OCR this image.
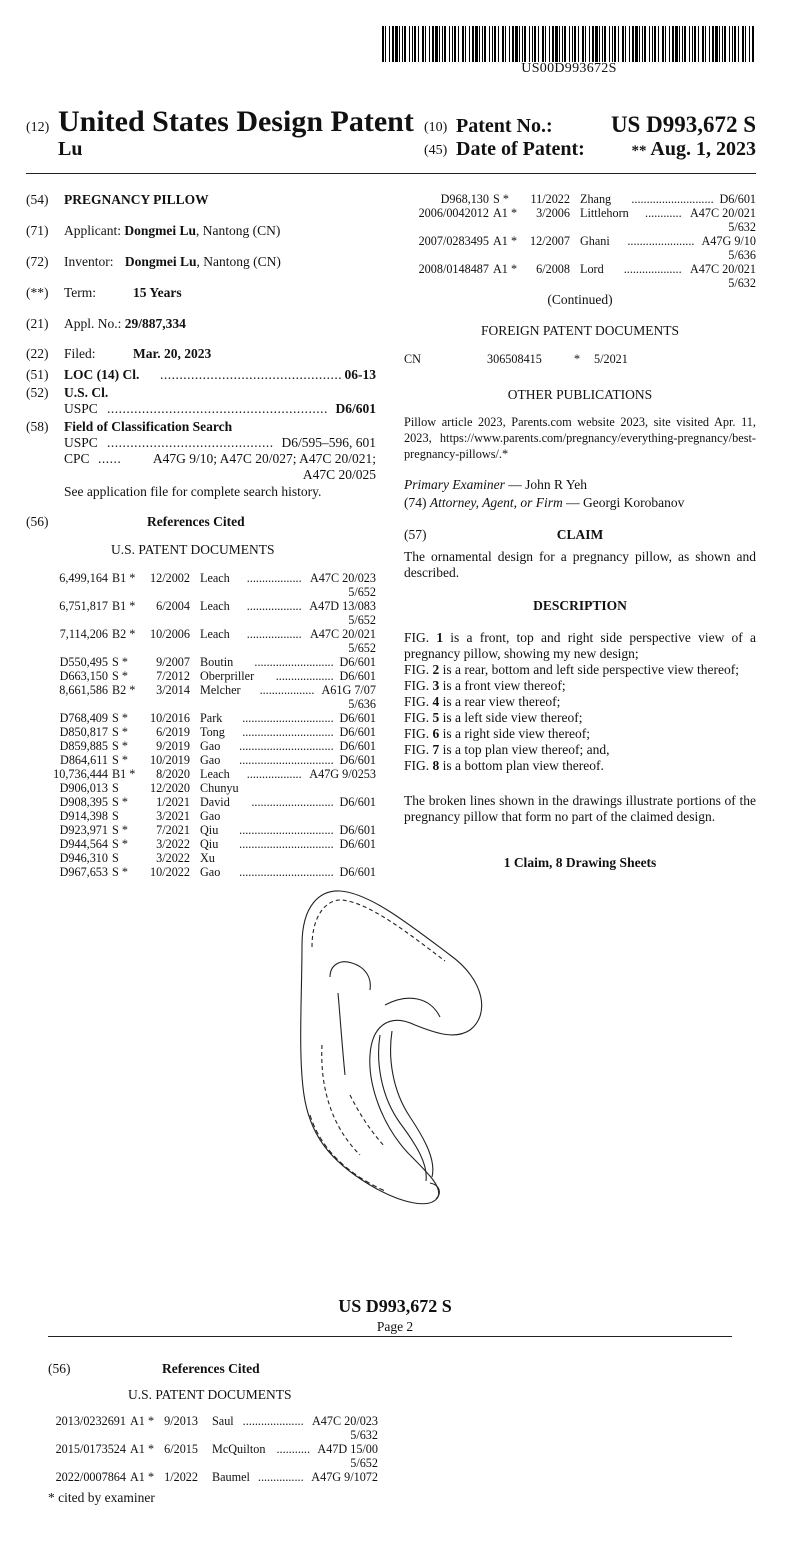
US00D993672S
(12) United States Design Patent
Lu
(10) Patent No.:	US D993,672 S
(45) Date of Patent:	** Aug. 1, 2023
(54) PREGNANCY PILLOW
(71) Applicant: Dongmei Lu, Nantong (CN)
(72) Inventor: Dongmei Lu, Nantong (CN)
(**) Term:	15 Years
(21) Appl. No.: 29/887,334
(22) Filed:	Mar. 20, 2023
(51) LOC (14) Cl. ............................................... 06-13
(52) U.S. Cl.
USPC ......................................................... D6/601
(58) Field of Classification Search
USPC ........................................... D6/595–596, 601
CPC ...... A47G 9/10; A47C 20/027; A47C 20/021;
A47C 20/025
See application file for complete search history.
(56)	References Cited
U.S. PATENT DOCUMENTS
6,499,164 B1 * 12/2002 Leach .................. A47C 20/023
5/652
6,751,817 B1 * 6/2004 Leach .................. A47D 13/083
5/652
7,114,206 B2 * 10/2006 Leach .................. A47C 20/021
5/652
D550,495 S * 9/2007 Boutin .......................... D6/601
D663,150 S * 7/2012 Oberpriller ................... D6/601
8,661,586 B2 * 3/2014 Melcher .................. A61G 7/07
5/636
D768,409 S * 10/2016 Park .............................. D6/601
D850,817 S * 6/2019 Tong .............................. D6/601
D859,885 S * 9/2019 Gao ............................... D6/601
D864,611 S * 10/2019 Gao ............................... D6/601
10,736,444 B1 * 8/2020 Leach .................. A47G 9/0253
D906,013 S	12/2020 Chunyu
D908,395 S * 1/2021 David ........................... D6/601
D914,398 S	3/2021 Gao
D923,971 S * 7/2021 Qiu ............................... D6/601
D944,564 S * 3/2022 Qiu ............................... D6/601
D946,310 S	3/2022 Xu
D967,653 S * 10/2022 Gao ............................... D6/601
D968,130 S * 11/2022 Zhang ........................... D6/601
2006/0042012 A1 * 3/2006 Littlehorn ............ A47C 20/021
5/632
2007/0283495 A1 * 12/2007 Ghani ...................... A47G 9/10
5/636
2008/0148487 A1 * 6/2008 Lord ................... A47C 20/021
5/632
(Continued)
FOREIGN PATENT DOCUMENTS
CN	306508415	* 5/2021
OTHER PUBLICATIONS
Pillow article 2023, Parents.com website 2023, site visited Apr. 11, 2023, https://www.parents.com/pregnancy/everything-pregnancy/best-pregnancy-pillows/.*
Primary Examiner — John R Yeh
(74) Attorney, Agent, or Firm — Georgi Korobanov
(57)	CLAIM
The ornamental design for a pregnancy pillow, as shown and described.
DESCRIPTION
FIG. 1 is a front, top and right side perspective view of a pregnancy pillow, showing my new design;
FIG. 2 is a rear, bottom and left side perspective view thereof;
FIG. 3 is a front view thereof;
FIG. 4 is a rear view thereof;
FIG. 5 is a left side view thereof;
FIG. 6 is a right side view thereof;
FIG. 7 is a top plan view thereof; and,
FIG. 8 is a bottom plan view thereof.
The broken lines shown in the drawings illustrate portions of the pregnancy pillow that form no part of the claimed design.
1 Claim, 8 Drawing Sheets
US D993,672 S
Page 2
(56)	References Cited
U.S. PATENT DOCUMENTS
2013/0232691 A1 * 9/2013 Saul .................... A47C 20/023
5/632
2015/0173524 A1 * 6/2015 McQuilton ........... A47D 15/00
5/652
2022/0007864 A1 * 1/2022 Baumel ............... A47G 9/1072
* cited by examiner
